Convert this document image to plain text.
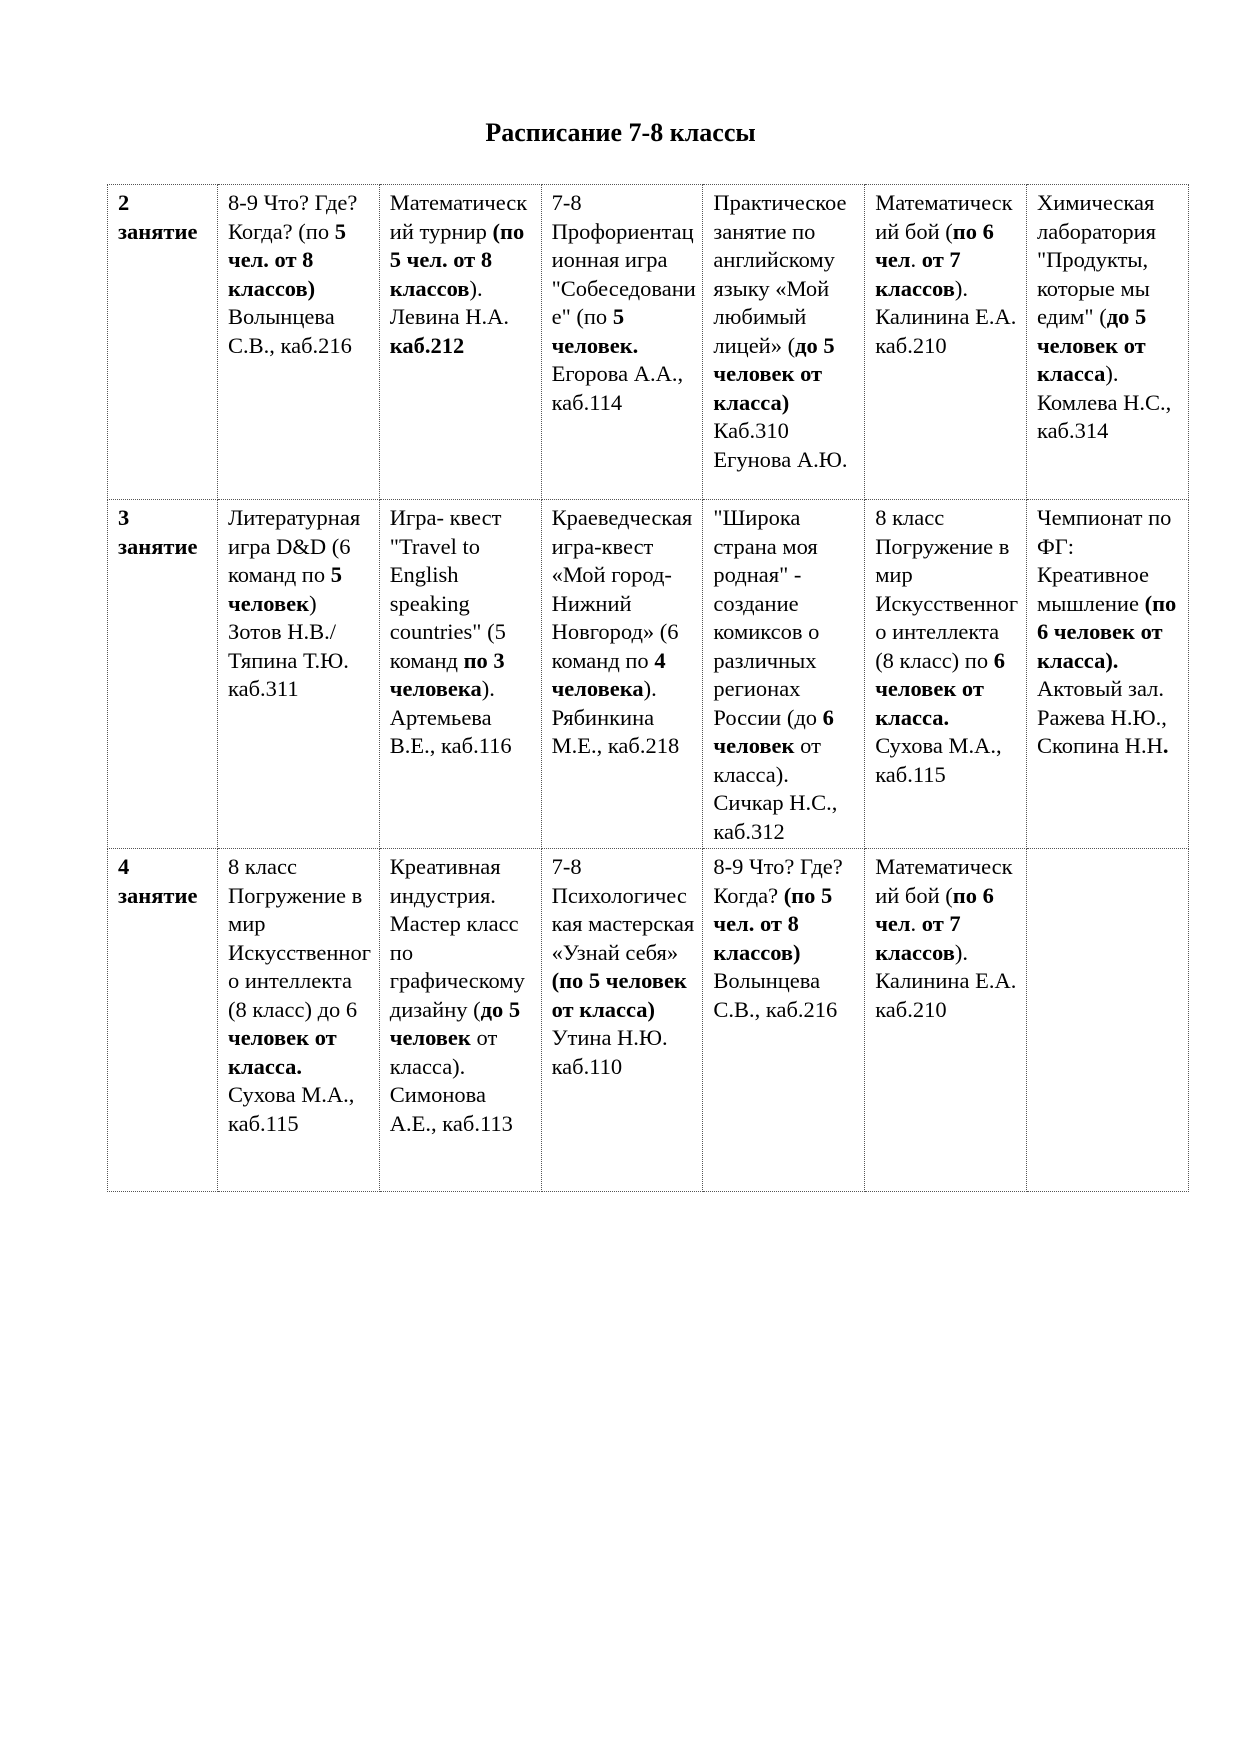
Расписание 7-8 классы
2
занятие	8-9 Что? Где? Когда? (по 5 чел. от 8 классов) Волынцева С.В., каб.216	Математический турнир (по 5 чел. от 8 классов). Левина Н.А. каб.212	7-8 Профориентационная игра "Собеседование" (по 5 человек. Егорова А.А., каб.114	Практическое занятие по английскому языку «Мой любимый лицей» (до 5 человек от класса) Каб.310 Егунова А.Ю.	Математический бой (по 6 чел. от 7 классов). Калинина Е.А. каб.210	Химическая лаборатория "Продукты, которые мы едим" (до 5 человек от класса). Комлева Н.С., каб.314

3
занятие	Литературная игра D&D (6 команд по 5 человек) Зотов Н.В./Тяпина Т.Ю. каб.311	Игра- квест "Travel to English speaking countries" (5 команд по 3 человека). Артемьева В.Е., каб.116	Краеведческая игра-квест «Мой город- Нижний Новгород» (6 команд по 4 человека). Рябинкина М.Е., каб.218	"Широка страна моя родная" - создание комиксов о различных регионах России (до 6 человек от класса). Сичкар Н.С., каб.312	8 класс Погружение в мир Искусственного интеллекта (8 класс) по 6 человек от класса. Сухова М.А., каб.115	Чемпионат по ФГ: Креативное мышление (по 6 человек от класса). Актовый зал. Ражева Н.Ю., Скопина Н.Н.

4
занятие	8 класс Погружение в мир Искусственного интеллекта (8 класс) до 6 человек от класса. Сухова М.А., каб.115	Креативная индустрия. Мастер класс по графическому дизайну (до 5 человек от класса). Симонова А.Е., каб.113	7-8 Психологическая мастерская «Узнай себя» (по 5 человек от класса) Утина Н.Ю. каб.110	8-9 Что? Где? Когда? (по 5 чел. от 8 классов) Волынцева С.В., каб.216	Математический бой (по 6 чел. от 7 классов). Калинина Е.А. каб.210	
